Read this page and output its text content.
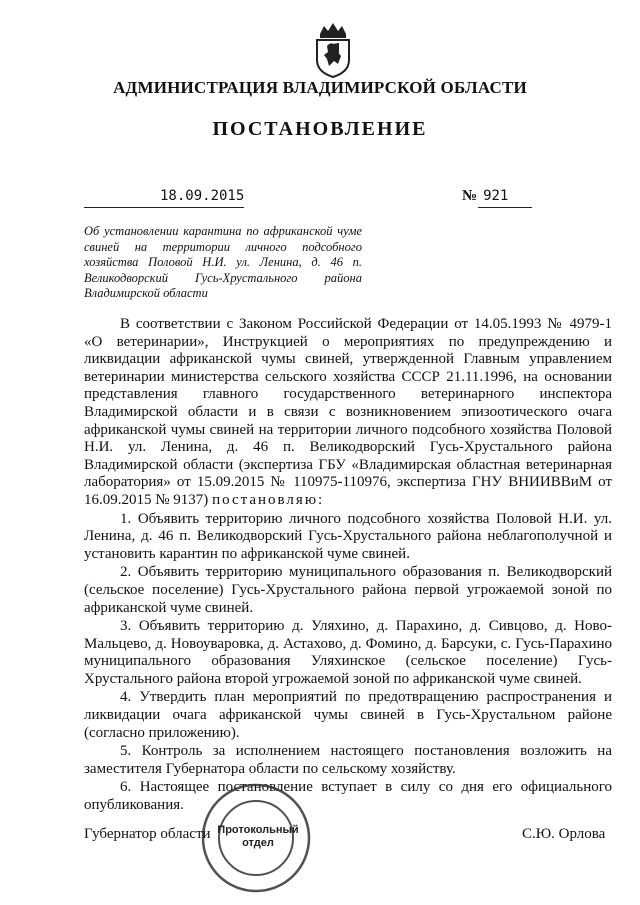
АДМИНИСТРАЦИЯ ВЛАДИМИРСКОЙ ОБЛАСТИ
ПОСТАНОВЛЕНИЕ
18.09.2015	№ 921
Об установлении карантина по африканской чуме свиней на территории личного подсобного хозяйства Половой Н.И. ул. Ленина, д. 46 п. Великодворский Гусь-Хрустального района Владимирской области

В соответствии с Законом Российской Федерации от 14.05.1993 № 4979-1 «О ветеринарии», Инструкцией о мероприятиях по предупреждению и ликвидации африканской чумы свиней, утвержденной Главным управлением ветеринарии министерства сельского хозяйства СССР 21.11.1996, на основании представления главного государственного ветеринарного инспектора Владимирской области и в связи с возникновением эпизоотического очага африканской чумы свиней на территории личного подсобного хозяйства Половой Н.И. ул. Ленина, д. 46 п. Великодворский Гусь-Хрустального района Владимирской области (экспертиза ГБУ «Владимирская областная ветеринарная лаборатория» от 15.09.2015 № 110975-110976, экспертиза ГНУ ВНИИВВиМ от 16.09.2015 № 9137) постановляю:

1. Объявить территорию личного подсобного хозяйства Половой Н.И. ул. Ленина, д. 46 п. Великодворский Гусь-Хрустального района неблагополучной и установить карантин по африканской чуме свиней.

2. Объявить территорию муниципального образования п. Великодворский (сельское поселение) Гусь-Хрустального района первой угрожаемой зоной по африканской чуме свиней.

3. Объявить территорию д. Уляхино, д. Парахино, д. Сивцово, д. Ново-Мальцево, д. Новоуваровка, д. Астахово, д. Фомино, д. Барсуки, с. Гусь-Парахино муниципального образования Уляхинское (сельское поселение) Гусь-Хрустального района второй угрожаемой зоной по африканской чуме свиней.

4. Утвердить план мероприятий по предотвращению распространения и ликвидации очага африканской чумы свиней в Гусь-Хрустальном районе (согласно приложению).

5. Контроль за исполнением настоящего постановления возложить на заместителя Губернатора области по сельскому хозяйству.

6. Настоящее постановление вступает в силу со дня его официального опубликования.

Протокольный отдел
Губернатор области	С.Ю. Орлова
